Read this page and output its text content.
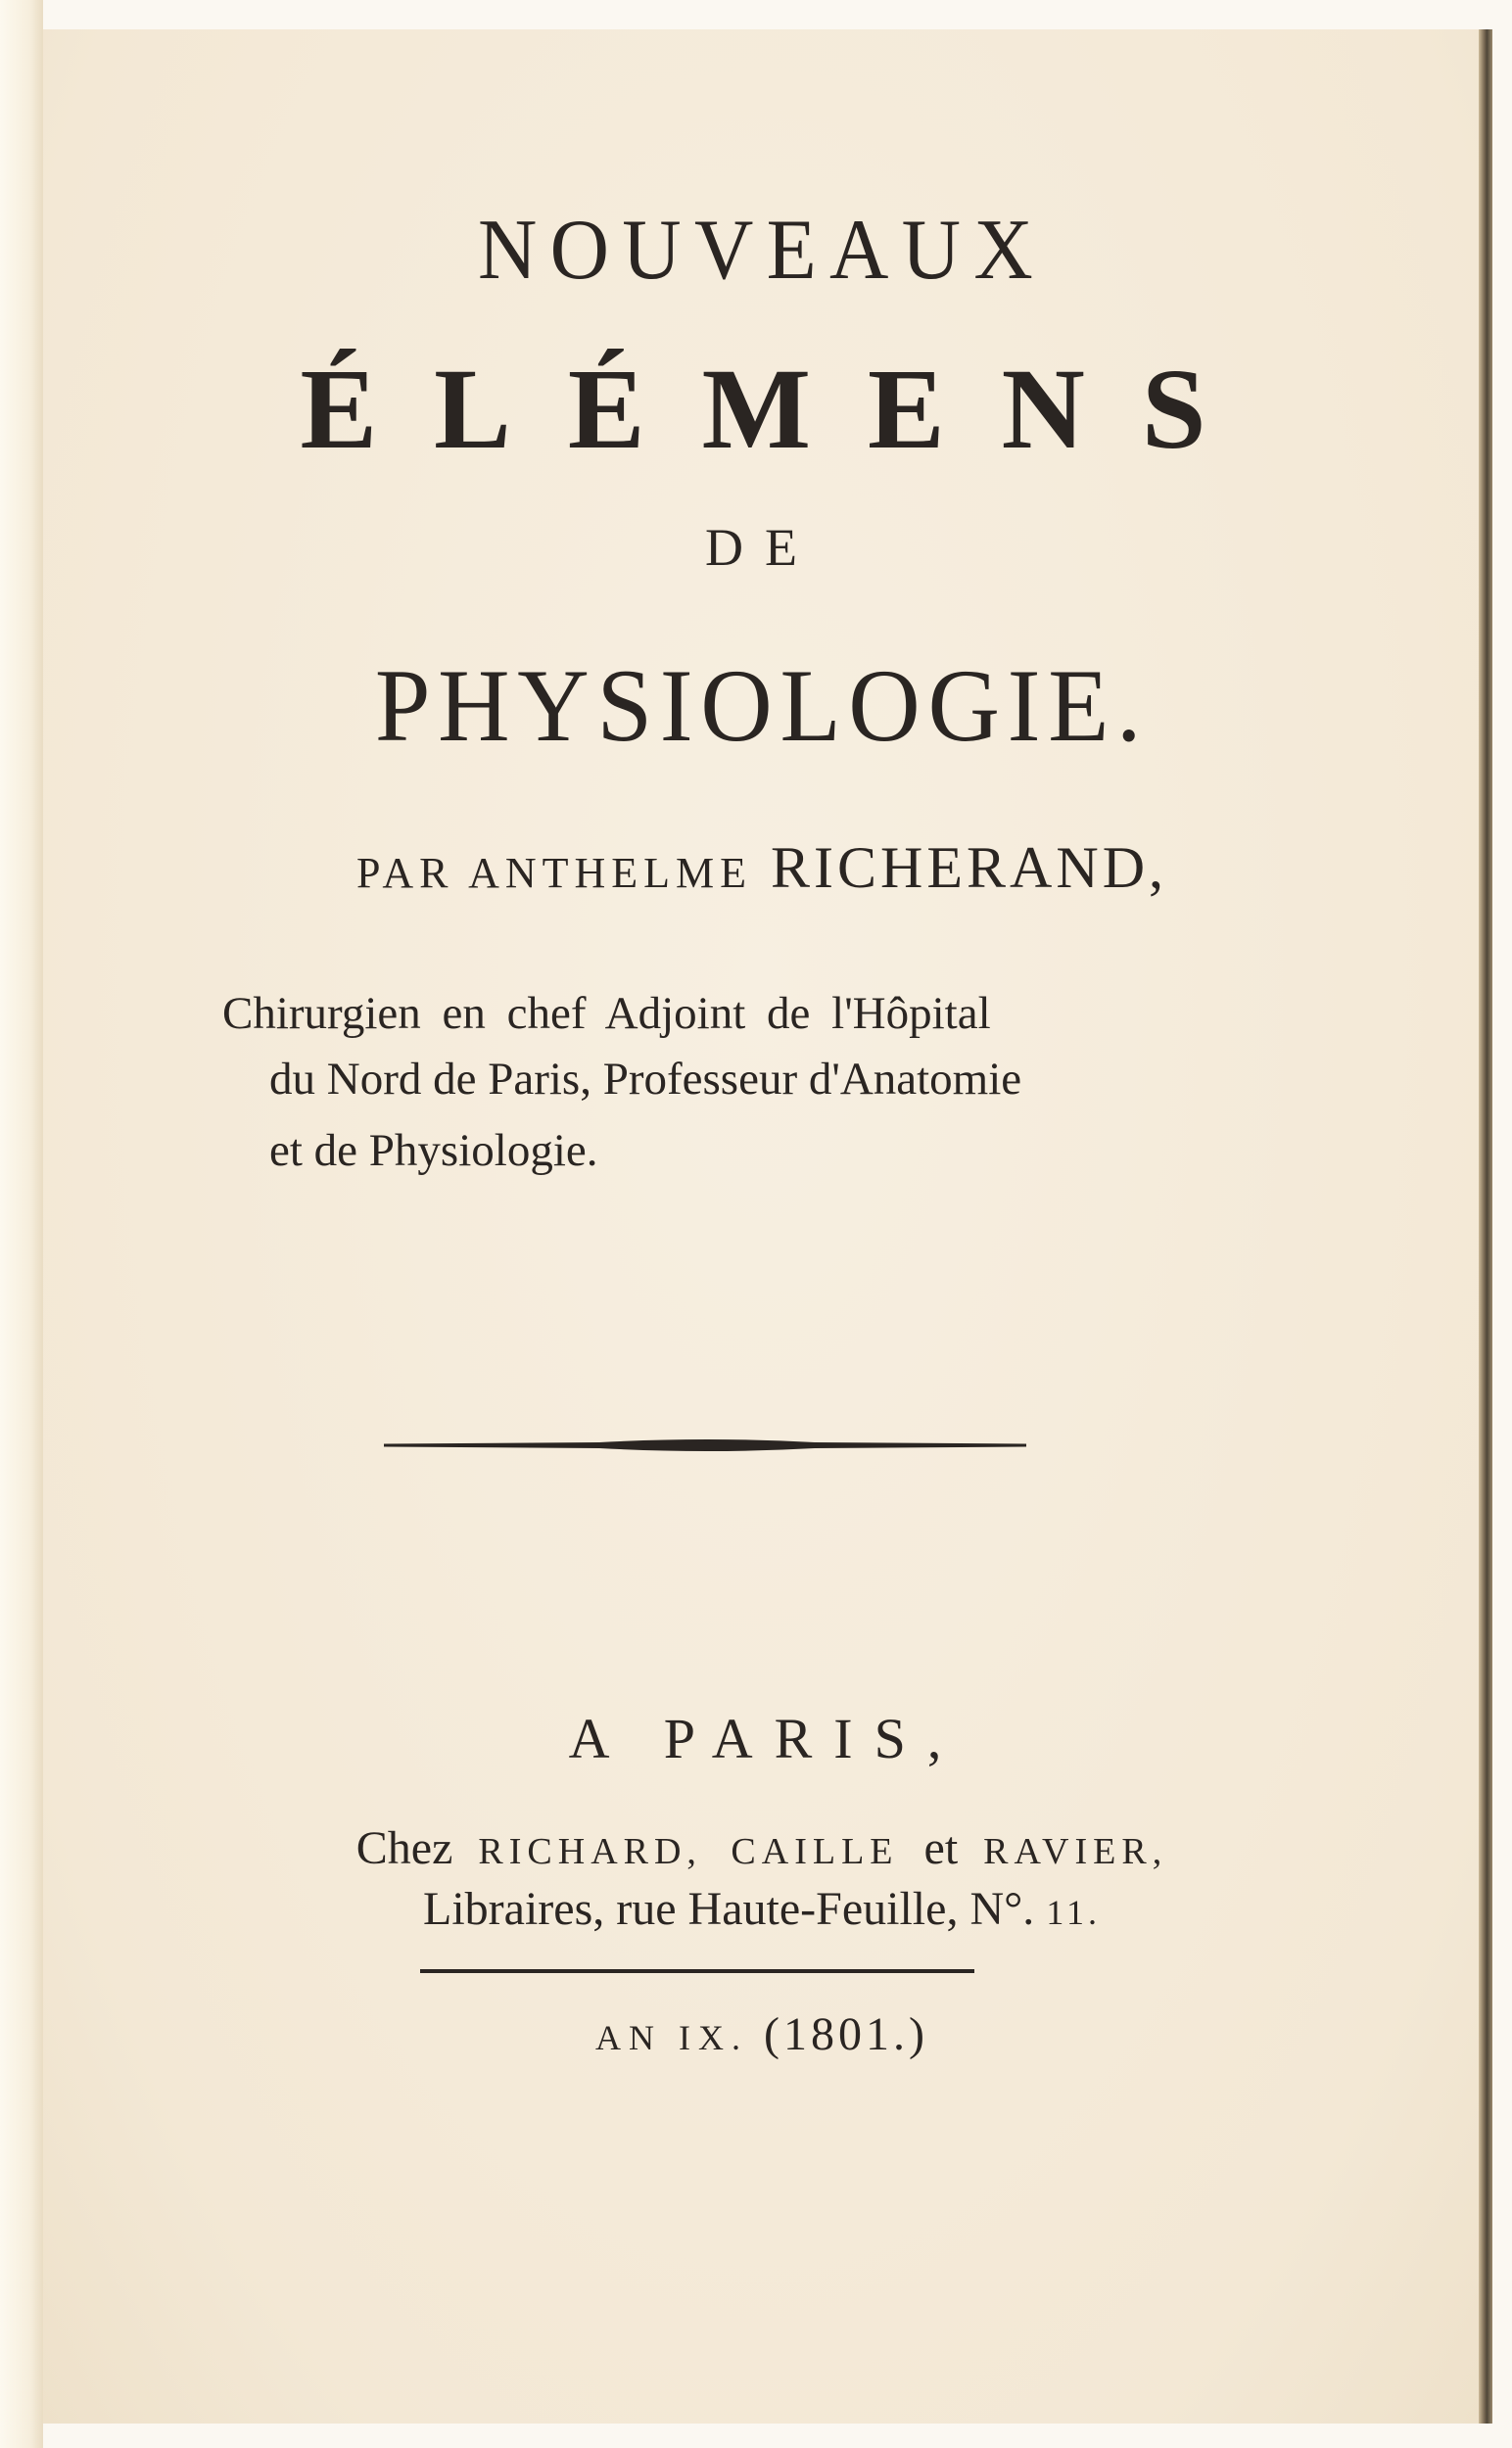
NOUVEAUX
ÉLÉMENS
DE
PHYSIOLOGIE.
PAR ANTHELME RICHERAND,
Chirurgien en chef Adjoint de l'Hôpital
du Nord de Paris, Professeur d'Anatomie
et de Physiologie.
A PARIS,
Chez RICHARD, CAILLE et RAVIER,
Libraires, rue Haute-Feuille, N°. 11.
AN IX. (1801.)
